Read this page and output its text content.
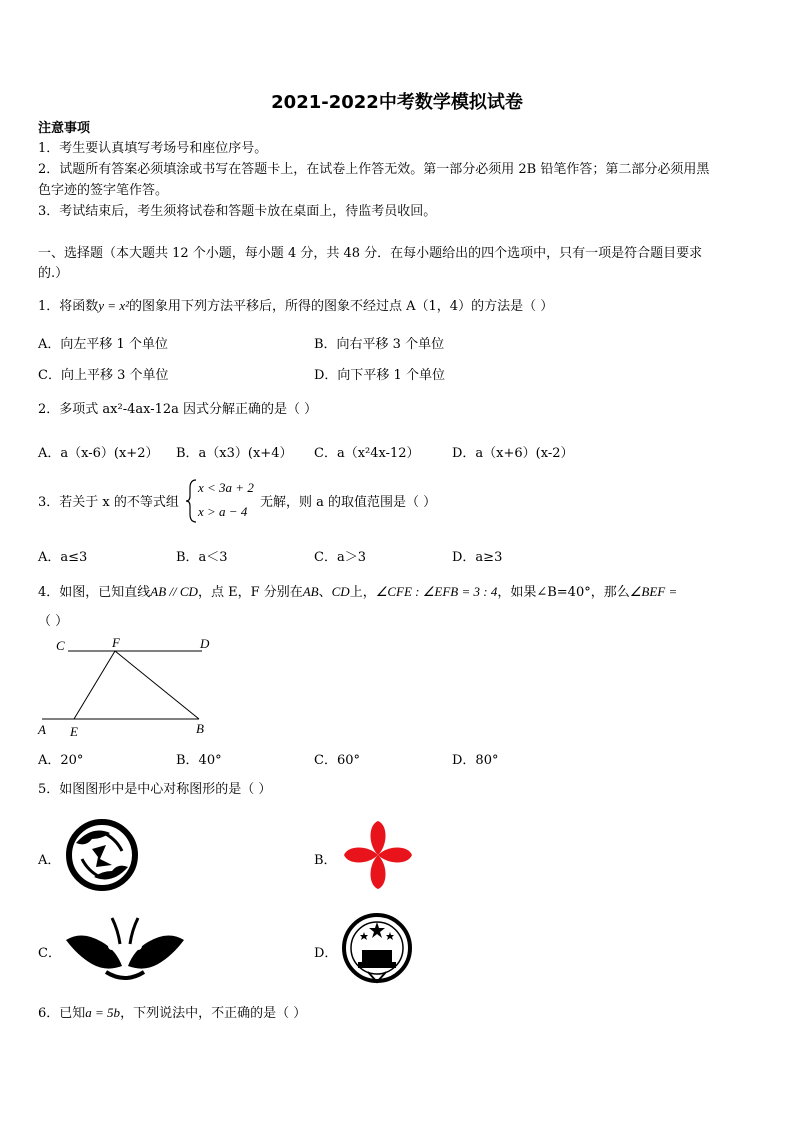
2021-2022中考数学模拟试卷
注意事项
1．考生要认真填写考场号和座位序号。
2．试题所有答案必须填涂或书写在答题卡上，在试卷上作答无效。第一部分必须用 2B 铅笔作答；第二部分必须用黑
色字迹的签字笔作答。
3．考试结束后，考生须将试卷和答题卡放在桌面上，待监考员收回。
一、选择题（本大题共 12 个小题，每小题 4 分，共 48 分．在每小题给出的四个选项中，只有一项是符合题目要求
的.）
1．将函数y = x²的图象用下列方法平移后，所得的图象不经过点 A（1，4）的方法是（ ）
A．向左平移 1 个单位	B．向右平移 3 个单位
C．向上平移 3 个单位	D．向下平移 1 个单位
2．多项式 ax²-4ax-12a 因式分解正确的是（ ）
A．a（x-6）(x+2） B．a（x3）(x+4） C．a（x²4x-12） D．a（x+6）(x-2）
3．若关于 x 的不等式组
x < 3a + 2
x > a − 4
无解，则 a 的取值范围是（ ）
A．a≤3	B．a＜3	C．a＞3	D．a≥3
4．如图，已知直线AB // CD，点 E，F 分别在AB、CD上，∠CFE : ∠EFB = 3 : 4，如果∠B=40°，那么∠BEF =
（ ）
C	F	D
A E	B
A．20°	B．40°	C．60°	D．80°
5．如图图形中是中心对称图形的是（ ）
A．	B．
C．	D．
6．已知a = 5b，下列说法中，不正确的是（ ）
